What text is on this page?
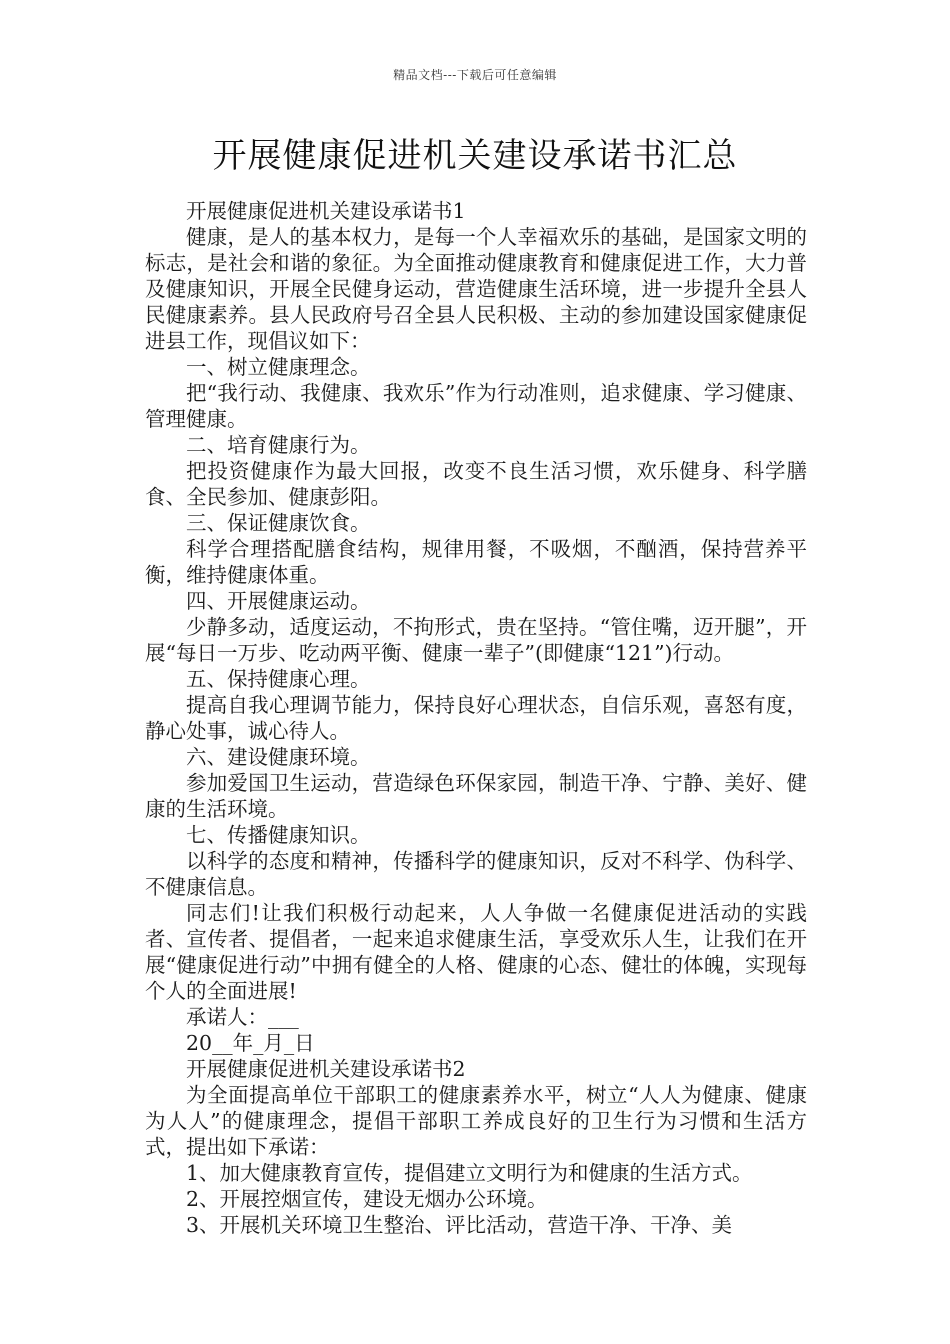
精品文档---下载后可任意编辑
开展健康促进机关建设承诺书汇总

开展健康促进机关建设承诺书1

健康，是人的基本权力，是每一个人幸福欢乐的基础，是国家文明的标志，是社会和谐的象征。为全面推动健康教育和健康促进工作，大力普及健康知识，开展全民健身运动，营造健康生活环境，进一步提升全县人民健康素养。县人民政府号召全县人民积极、主动的参加建设国家健康促进县工作，现倡议如下：

一、树立健康理念。

把“我行动、我健康、我欢乐”作为行动准则，追求健康、学习健康、管理健康。

二、培育健康行为。

把投资健康作为最大回报，改变不良生活习惯，欢乐健身、科学膳食、全民参加、健康彭阳。

三、保证健康饮食。

科学合理搭配膳食结构，规律用餐，不吸烟，不酗酒，保持营养平衡，维持健康体重。

四、开展健康运动。

少静多动，适度运动，不拘形式，贵在坚持。“管住嘴，迈开腿”，开展“每日一万步、吃动两平衡、健康一辈子”(即健康“121”)行动。

五、保持健康心理。

提高自我心理调节能力，保持良好心理状态，自信乐观，喜怒有度，静心处事，诚心待人。

六、建设健康环境。

参加爱国卫生运动，营造绿色环保家园，制造干净、宁静、美好、健康的生活环境。

七、传播健康知识。

以科学的态度和精神，传播科学的健康知识，反对不科学、伪科学、不健康信息。

同志们!让我们积极行动起来，人人争做一名健康促进活动的实践者、宣传者、提倡者，一起来追求健康生活，享受欢乐人生，让我们在开展“健康促进行动”中拥有健全的人格、健康的心态、健壮的体魄，实现每个人的全面进展!

承诺人：___

20__年_月_日

开展健康促进机关建设承诺书2

为全面提高单位干部职工的健康素养水平，树立“人人为健康、健康为人人”的健康理念，提倡干部职工养成良好的卫生行为习惯和生活方式，提出如下承诺：

1、加大健康教育宣传，提倡建立文明行为和健康的生活方式。

2、开展控烟宣传，建设无烟办公环境。

3、开展机关环境卫生整治、评比活动，营造干净、干净、美
